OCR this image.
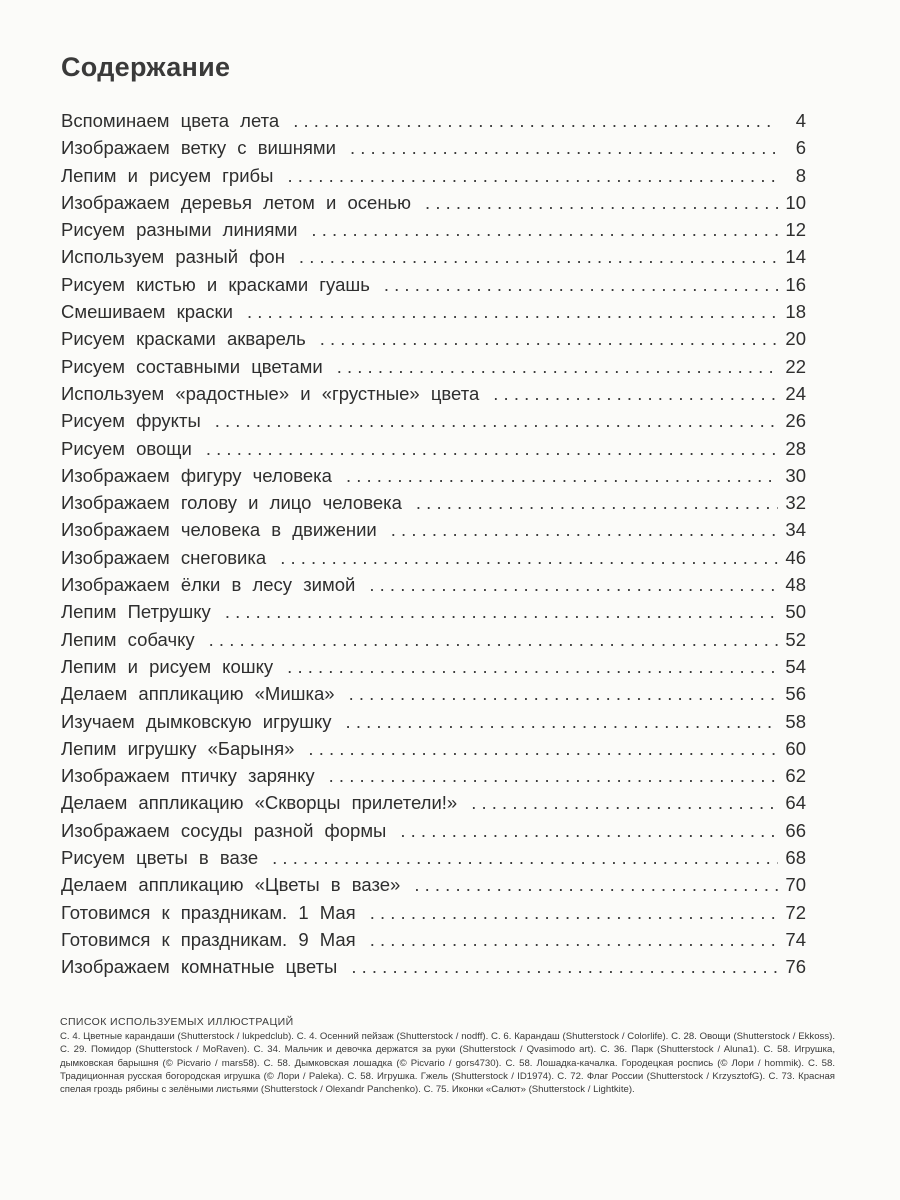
Содержание
Вспоминаем цвета лета . . .	4
Изображаем ветку с вишнями . . .	6
Лепим и рисуем грибы . . .	8
Изображаем деревья летом и осенью . . .	10
Рисуем разными линиями . . .	12
Используем разный фон . . .	14
Рисуем кистью и красками гуашь . . .	16
Смешиваем краски . . .	18
Рисуем красками акварель . . .	20
Рисуем составными цветами . . .	22
Используем «радостные» и «грустные» цвета . . .	24
Рисуем фрукты . . .	26
Рисуем овощи . . .	28
Изображаем фигуру человека . . .	30
Изображаем голову и лицо человека . . .	32
Изображаем человека в движении . . .	34
Изображаем снеговика . . .	46
Изображаем ёлки в лесу зимой . . .	48
Лепим Петрушку . . .	50
Лепим собачку . . .	52
Лепим и рисуем кошку . . .	54
Делаем аппликацию «Мишка» . . .	56
Изучаем дымковскую игрушку . . .	58
Лепим игрушку «Барыня» . . .	60
Изображаем птичку зарянку . . .	62
Делаем аппликацию «Скворцы прилетели!» . . .	64
Изображаем сосуды разной формы . . .	66
Рисуем цветы в вазе . . .	68
Делаем аппликацию «Цветы в вазе» . . .	70
Готовимся к праздникам. 1 Мая . . .	72
Готовимся к праздникам. 9 Мая . . .	74
Изображаем комнатные цветы . . .	76
СПИСОК ИСПОЛЬЗУЕМЫХ ИЛЛЮСТРАЦИЙ
С. 4. Цветные карандаши (Shutterstock / lukpedclub). С. 4. Осенний пейзаж (Shutterstock / nodff). С. 6. Карандаш (Shutterstock / Colorlife). С. 28. Овощи (Shutterstock / Ekkoss). С. 29. Помидор (Shutterstock / MoRaven). С. 34. Мальчик и девочка держатся за руки (Shutterstock / Qvasimodo art). С. 36. Парк (Shutterstock / Aluna1). С. 58. Игрушка, дымковская барышня (© Picvario / mars58). С. 58. Дымковская лошадка (© Picvario / gors4730). С. 58. Лошадка-качалка. Городецкая роспись (© Лори / hommik). С. 58. Традиционная русская богородская игрушка (© Лори / Paleka). С. 58. Игрушка. Гжель (Shutterstock / ID1974). С. 72. Флаг России (Shutterstock / KrzysztofG). С. 73. Красная спелая гроздь рябины с зелёными листьями (Shutterstock / Olexandr Panchenko). С. 75. Иконки «Салют» (Shutterstock / Lightkite).
